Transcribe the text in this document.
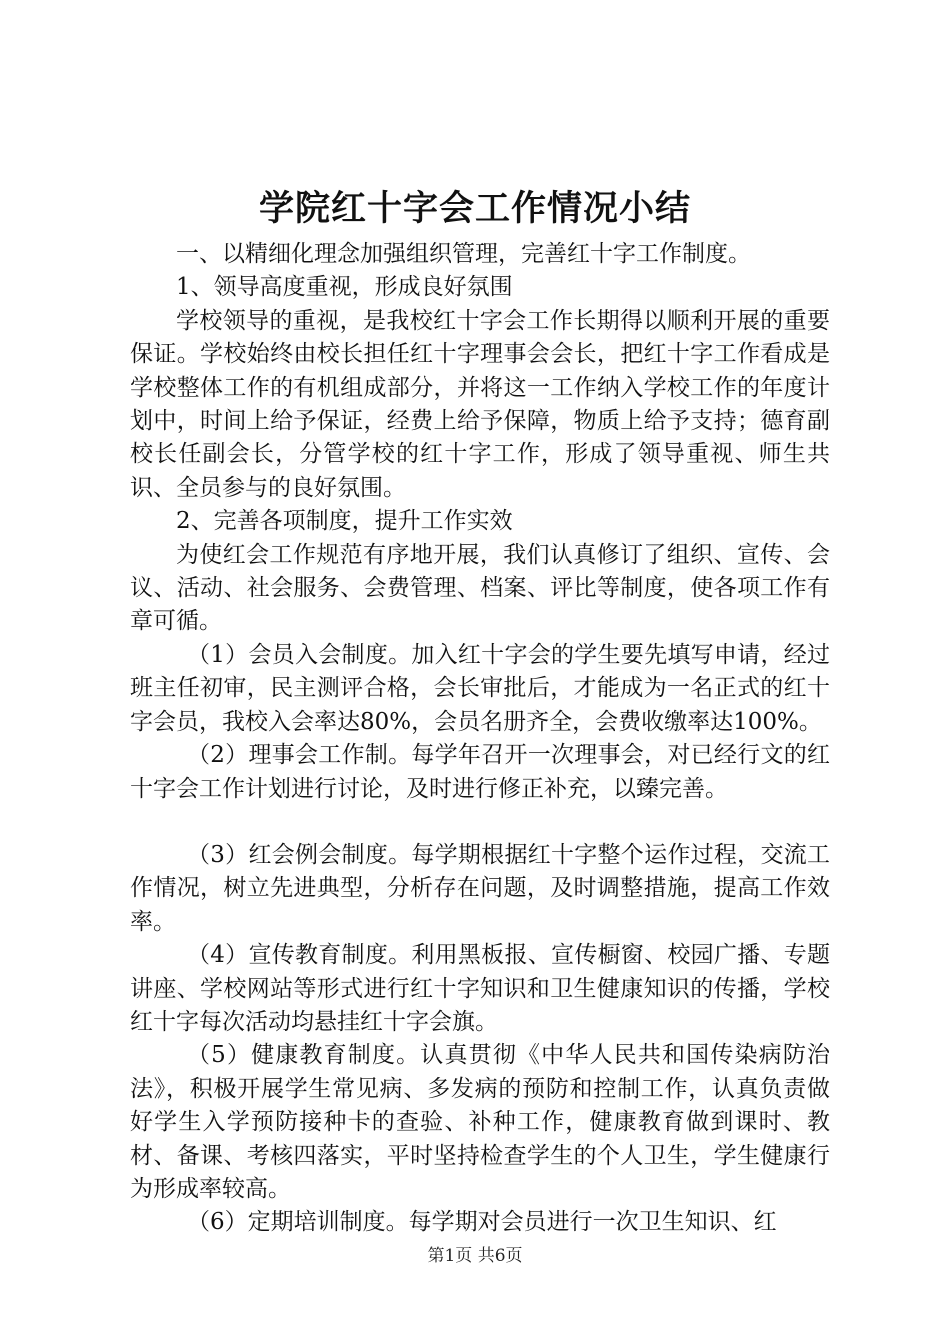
学院红十字会工作情况小结

一、以精细化理念加强组织管理，完善红十字工作制度。

1、领导高度重视，形成良好氛围

学校领导的重视，是我校红十字会工作长期得以顺利开展的重要保证。学校始终由校长担任红十字理事会会长，把红十字工作看成是学校整体工作的有机组成部分，并将这一工作纳入学校工作的年度计划中，时间上给予保证，经费上给予保障，物质上给予支持；德育副校长任副会长，分管学校的红十字工作，形成了领导重视、师生共识、全员参与的良好氛围。

2、完善各项制度，提升工作实效

为使红会工作规范有序地开展，我们认真修订了组织、宣传、会议、活动、社会服务、会费管理、档案、评比等制度，使各项工作有章可循。

（1）会员入会制度。加入红十字会的学生要先填写申请，经过班主任初审，民主测评合格，会长审批后，才能成为一名正式的红十字会员，我校入会率达80%，会员名册齐全，会费收缴率达100%。

（2）理事会工作制。每学年召开一次理事会，对已经行文的红十字会工作计划进行讨论，及时进行修正补充，以臻完善。

（3）红会例会制度。每学期根据红十字整个运作过程，交流工作情况，树立先进典型，分析存在问题，及时调整措施，提高工作效率。

（4）宣传教育制度。利用黑板报、宣传橱窗、校园广播、专题讲座、学校网站等形式进行红十字知识和卫生健康知识的传播，学校红十字每次活动均悬挂红十字会旗。

（5）健康教育制度。认真贯彻《中华人民共和国传染病防治法》，积极开展学生常见病、多发病的预防和控制工作，认真负责做好学生入学预防接种卡的查验、补种工作，健康教育做到课时、教材、备课、考核四落实，平时坚持检查学生的个人卫生，学生健康行为形成率较高。

（6）定期培训制度。每学期对会员进行一次卫生知识、红

第1页 共6页
